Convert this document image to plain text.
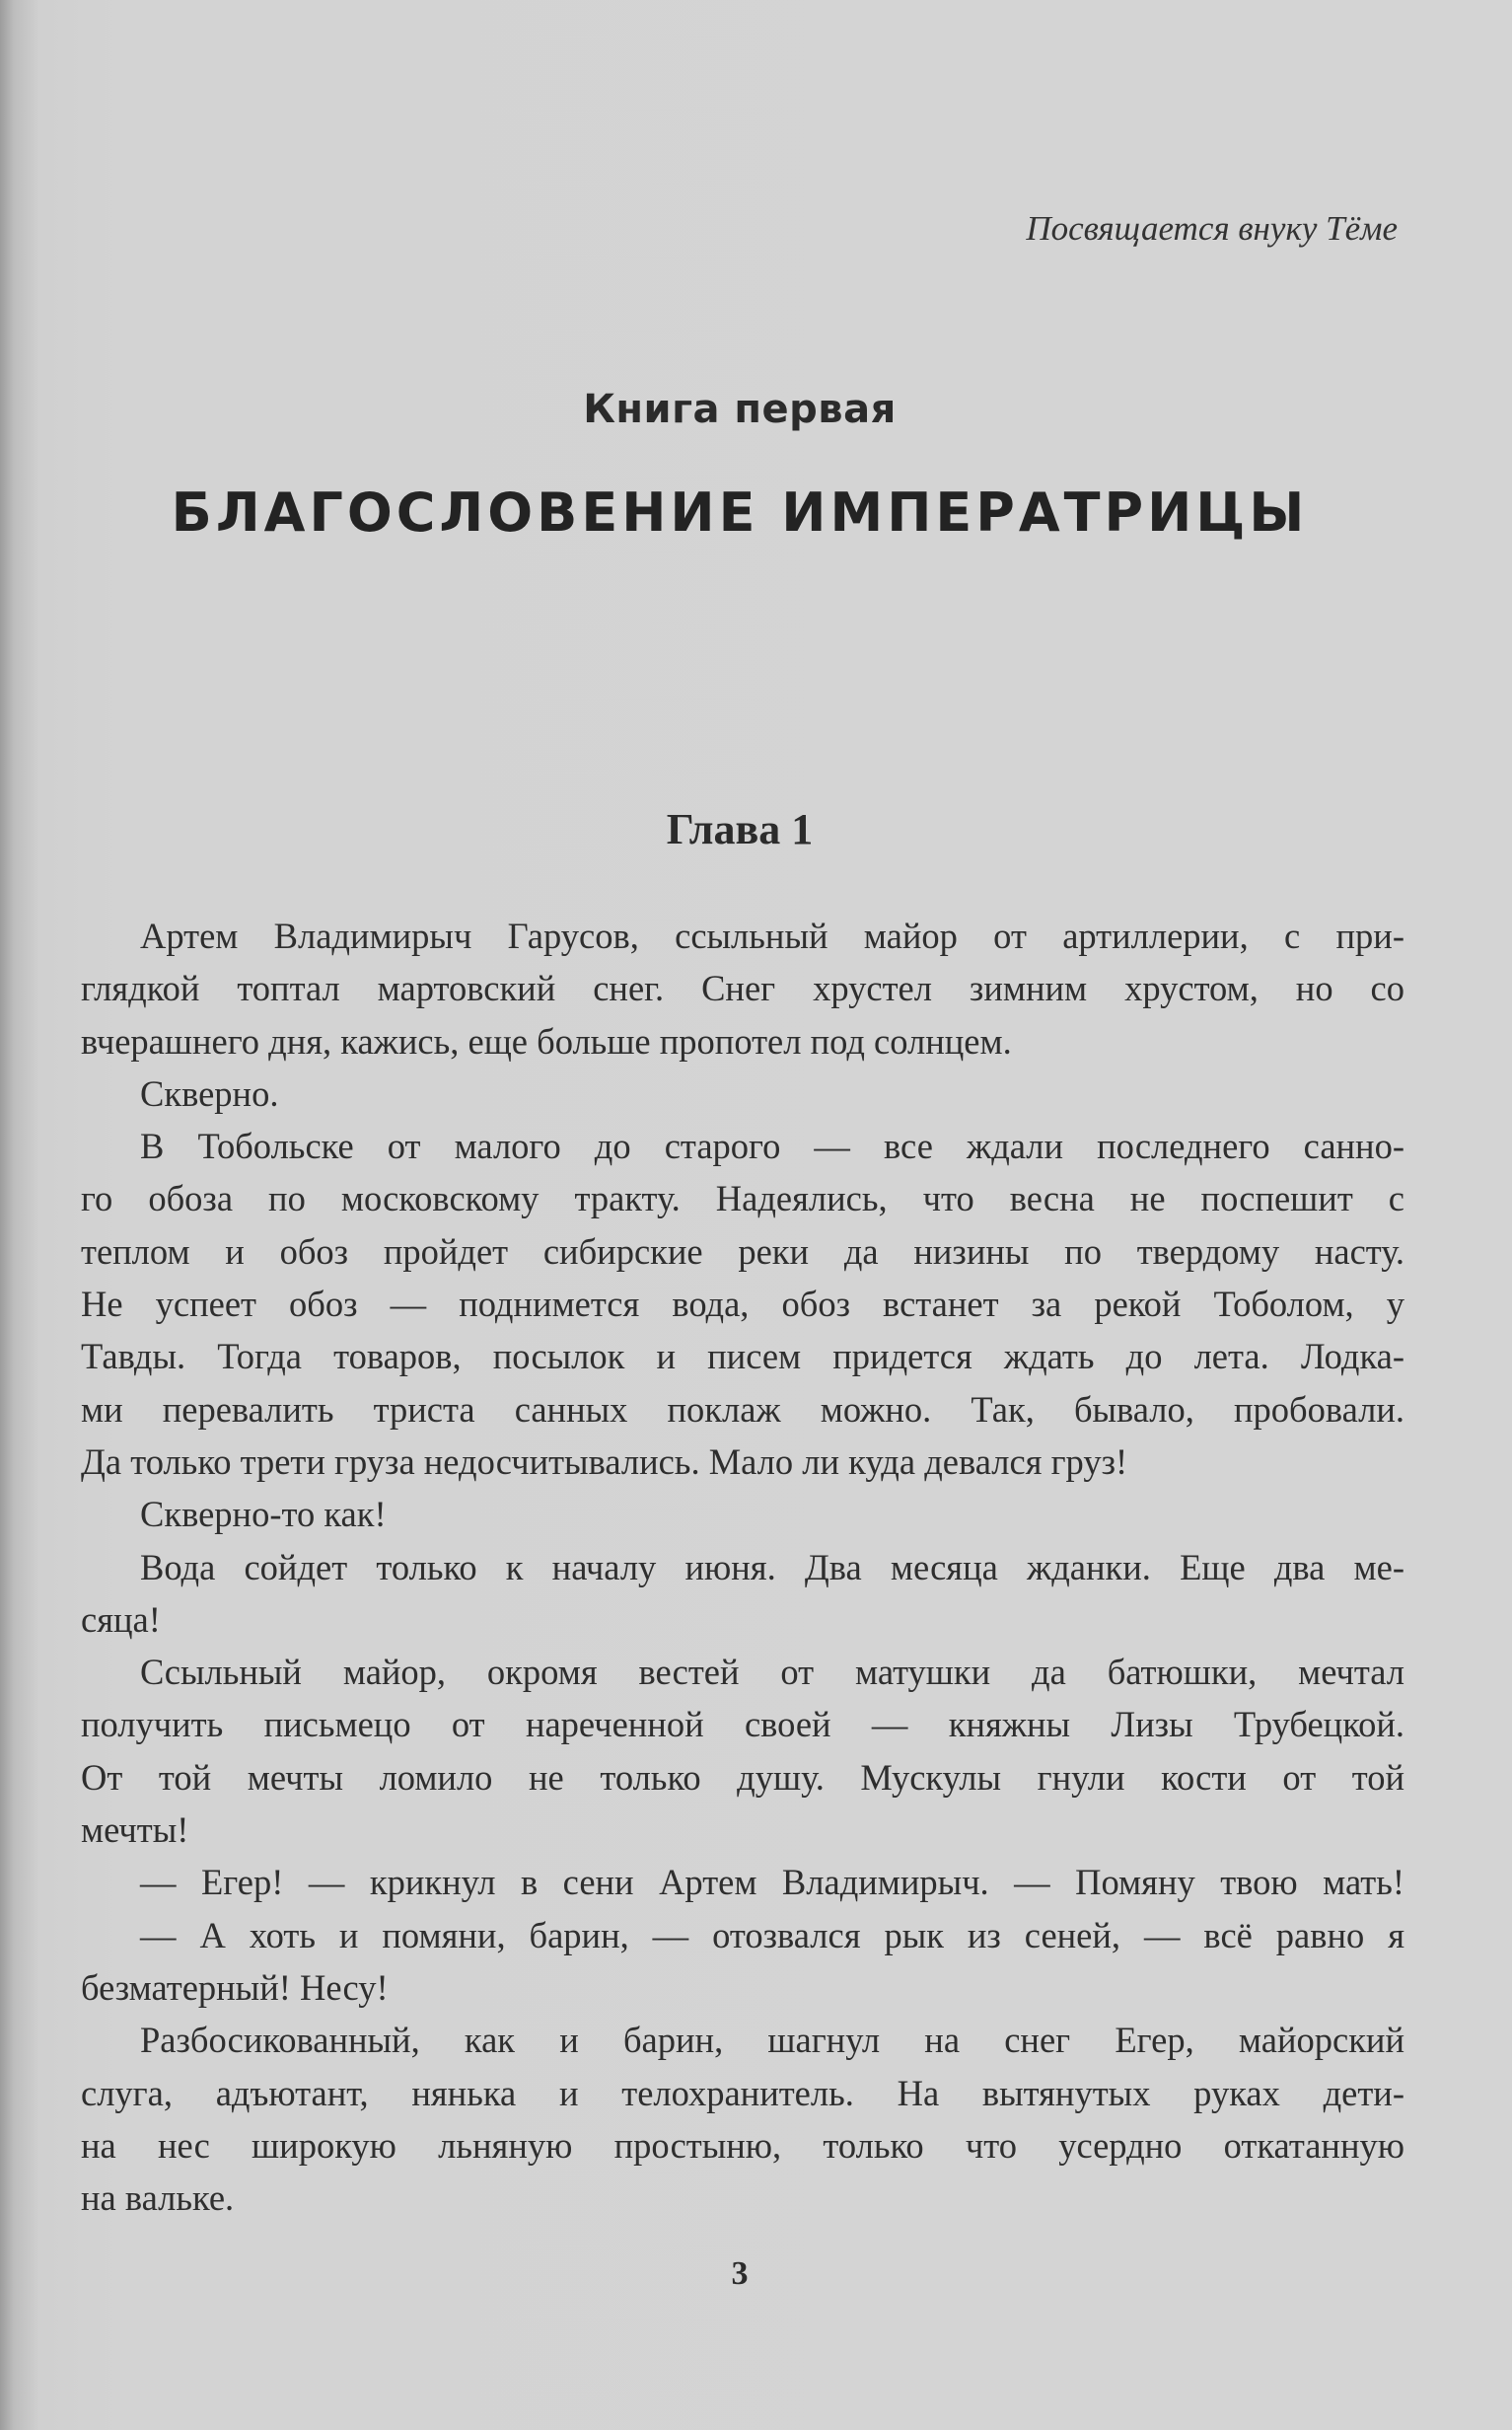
Посвящается внуку Тёме
Книга первая
БЛАГОСЛОВЕНИЕ ИМПЕРАТРИЦЫ
Глава 1
Артем Владимирыч Гарусов, ссыльный майор от артиллерии, с при-
глядкой топтал мартовский снег. Снег хрустел зимним хрустом, но со
вчерашнего дня, кажись, еще больше пропотел под солнцем.
Скверно.
В Тобольске от малого до старого — все ждали последнего санно-
го обоза по московскому тракту. Надеялись, что весна не поспешит с
теплом и обоз пройдет сибирские реки да низины по твердому насту.
Не успеет обоз — поднимется вода, обоз встанет за рекой Тоболом, у
Тавды. Тогда товаров, посылок и писем придется ждать до лета. Лодка-
ми перевалить триста санных поклаж можно. Так, бывало, пробовали.
Да только трети груза недосчитывались. Мало ли куда девался груз!
Скверно-то как!
Вода сойдет только к началу июня. Два месяца жданки. Еще два ме-
сяца!
Ссыльный майор, окромя вестей от матушки да батюшки, мечтал
получить письмецо от нареченной своей — княжны Лизы Трубецкой.
От той мечты ломило не только душу. Мускулы гнули кости от той
мечты!
— Егер! — крикнул в сени Артем Владимирыч. — Помяну твою мать!
— А хоть и помяни, барин, — отозвался рык из сеней, — всё равно я
безматерный! Несу!
Разбосикованный, как и барин, шагнул на снег Егер, майорский
слуга, адъютант, нянька и телохранитель. На вытянутых руках дети-
на нес широкую льняную простыню, только что усердно откатанную
на вальке.
3
